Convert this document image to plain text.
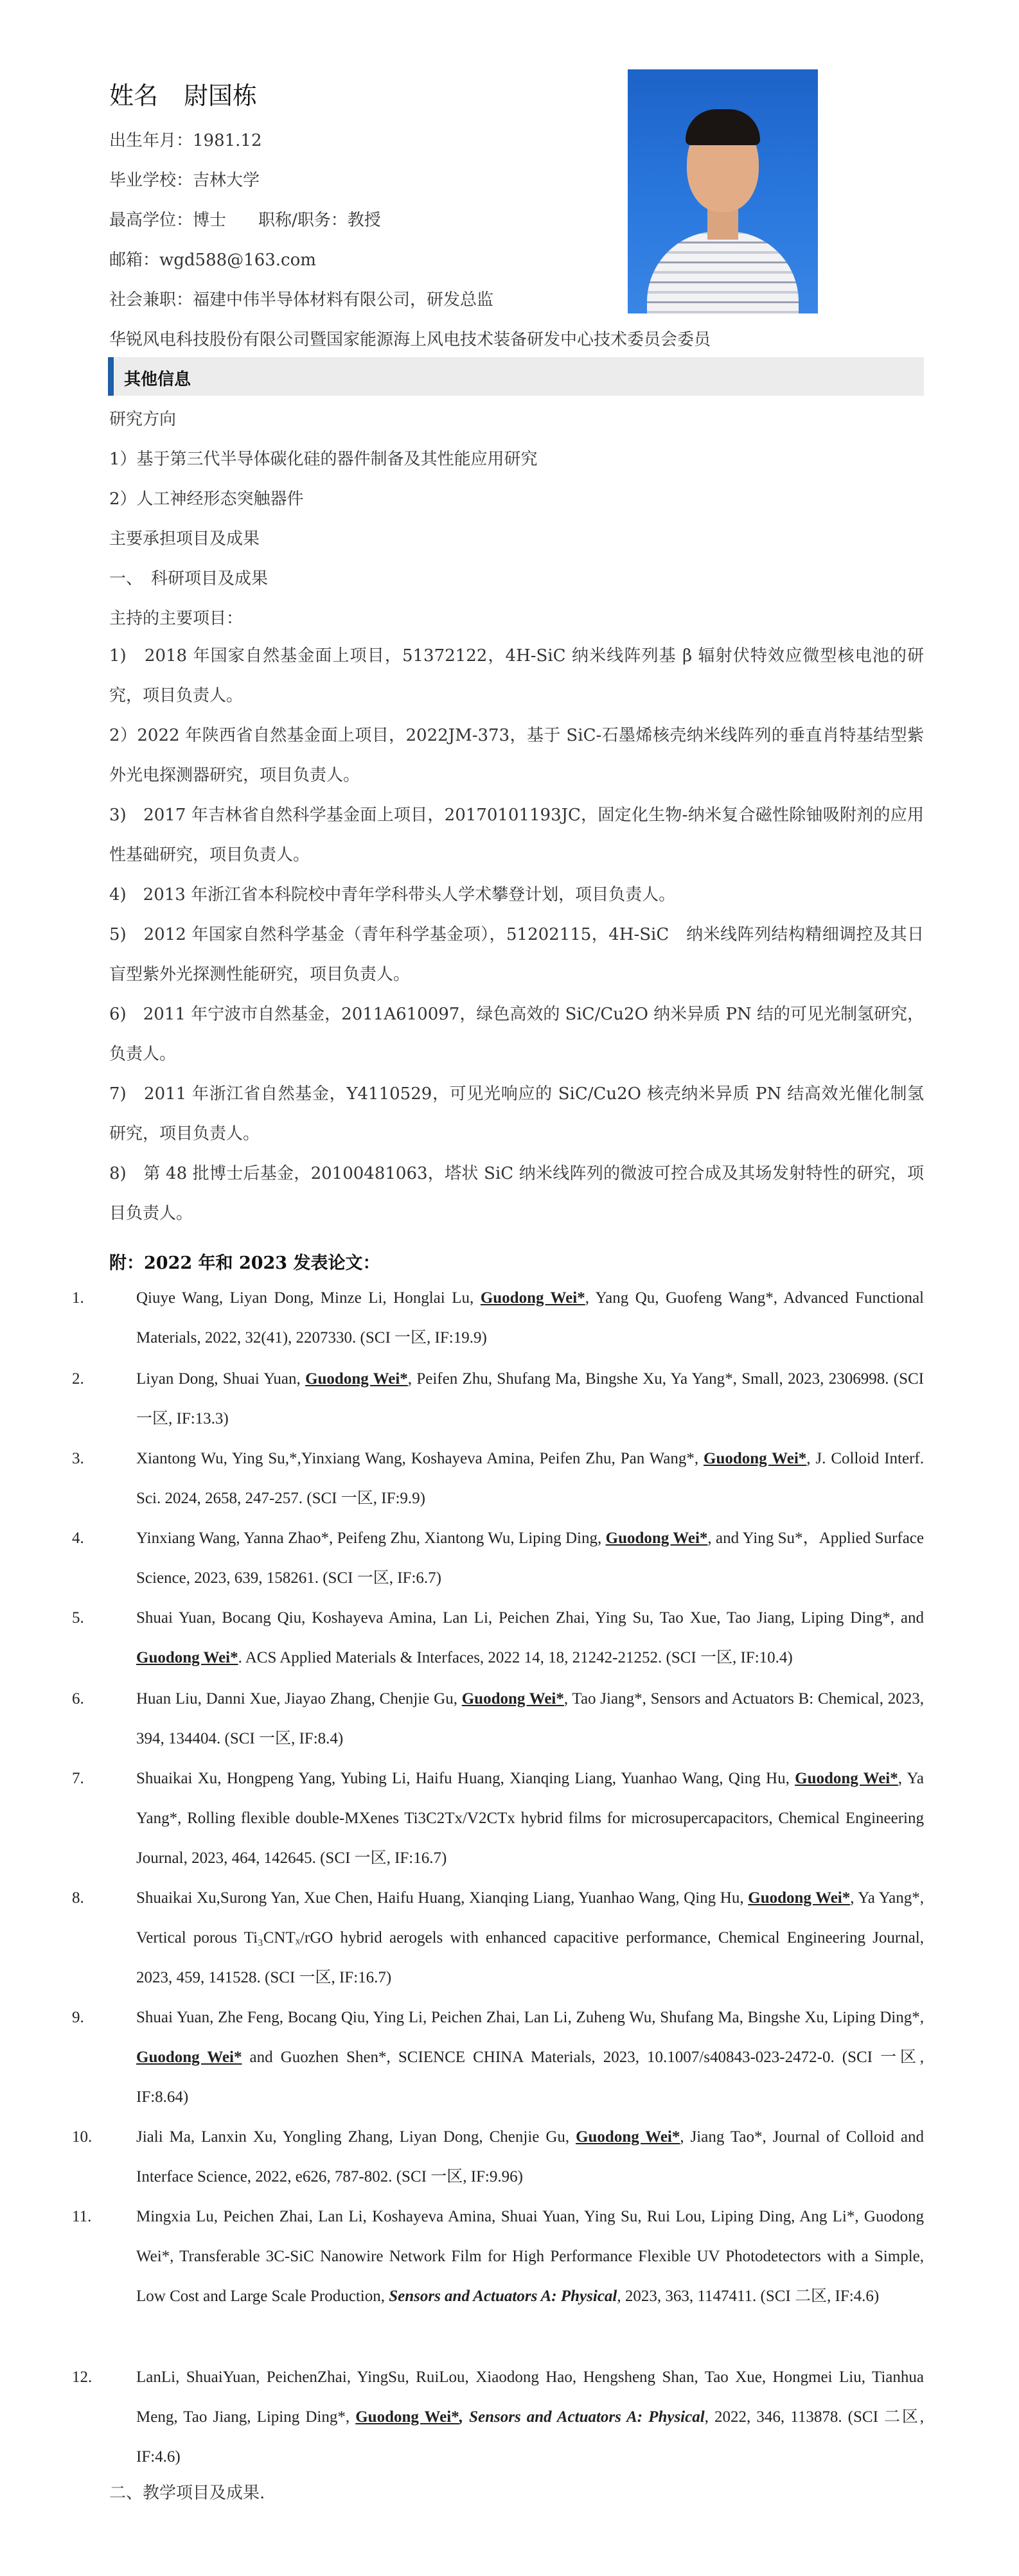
姓名 尉国栋
出生年月：1981.12
毕业学校：吉林大学
最高学位：博士 职称/职务：教授
邮箱：wgd588@163.com
社会兼职：福建中伟半导体材料有限公司，研发总监
华锐风电科技股份有限公司暨国家能源海上风电技术装备研发中心技术委员会委员
其他信息
研究方向
1）基于第三代半导体碳化硅的器件制备及其性能应用研究
2）人工神经形态突触器件
主要承担项目及成果
一、　科研项目及成果
主持的主要项目：
1)　2018 年国家自然基金面上项目，51372122，4H-SiC 纳米线阵列基 β 辐射伏特效应微型核电池的研究，项目负责人。
2）2022 年陕西省自然基金面上项目，2022JM-373，基于 SiC-石墨烯核壳纳米线阵列的垂直肖特基结型紫外光电探测器研究，项目负责人。
3)　2017 年吉林省自然科学基金面上项目，20170101193JC，固定化生物-纳米复合磁性除铀吸附剂的应用性基础研究，项目负责人。
4)　2013 年浙江省本科院校中青年学科带头人学术攀登计划，项目负责人。
5)　2012 年国家自然科学基金（青年科学基金项），51202115，4H-SiC　纳米线阵列结构精细调控及其日盲型紫外光探测性能研究，项目负责人。
6)　2011 年宁波市自然基金，2011A610097，绿色高效的 SiC/Cu2O 纳米异质 PN 结的可见光制氢研究，负责人。
7)　2011 年浙江省自然基金，Y4110529，可见光响应的 SiC/Cu2O 核壳纳米异质 PN 结高效光催化制氢研究，项目负责人。
8)　第 48 批博士后基金，20100481063，塔状 SiC 纳米线阵列的微波可控合成及其场发射特性的研究，项目负责人。
附：2022 年和 2023 发表论文：
1.	Qiuye Wang, Liyan Dong, Minze Li, Honglai Lu, Guodong Wei*, Yang Qu, Guofeng Wang*, Advanced Functional Materials, 2022, 32(41), 2207330. (SCI 一区, IF:19.9)
2.	Liyan Dong, Shuai Yuan, Guodong Wei*, Peifen Zhu, Shufang Ma, Bingshe Xu, Ya Yang*, Small, 2023, 2306998. (SCI 一区, IF:13.3)
3.	Xiantong Wu, Ying Su,*,Yinxiang Wang, Koshayeva Amina, Peifen Zhu, Pan Wang*, Guodong Wei*, J. Colloid Interf. Sci. 2024, 2658, 247-257. (SCI 一区, IF:9.9)
4.	Yinxiang Wang, Yanna Zhao*, Peifeng Zhu, Xiantong Wu, Liping Ding, Guodong Wei*, and Ying Su*，Applied Surface Science, 2023, 639, 158261. (SCI 一区, IF:6.7)
5.	Shuai Yuan, Bocang Qiu, Koshayeva Amina, Lan Li, Peichen Zhai, Ying Su, Tao Xue, Tao Jiang, Liping Ding*, and Guodong Wei*. ACS Applied Materials & Interfaces, 2022 14, 18, 21242-21252. (SCI 一区, IF:10.4)
6.	Huan Liu, Danni Xue, Jiayao Zhang, Chenjie Gu, Guodong Wei*, Tao Jiang*, Sensors and Actuators B: Chemical, 2023, 394, 134404. (SCI 一区, IF:8.4)
7.	Shuaikai Xu, Hongpeng Yang, Yubing Li, Haifu Huang, Xianqing Liang, Yuanhao Wang, Qing Hu, Guodong Wei*, Ya Yang*, Rolling flexible double-MXenes Ti3C2Tx/V2CTx hybrid films for microsupercapacitors, Chemical Engineering Journal, 2023, 464, 142645. (SCI 一区, IF:16.7)
8.	Shuaikai Xu,Surong Yan, Xue Chen, Haifu Huang, Xianqing Liang, Yuanhao Wang, Qing Hu, Guodong Wei*, Ya Yang*, Vertical porous Ti₃CNTₓ/rGO hybrid aerogels with enhanced capacitive performance, Chemical Engineering Journal, 2023, 459, 141528. (SCI 一区, IF:16.7)
9.	Shuai Yuan, Zhe Feng, Bocang Qiu, Ying Li, Peichen Zhai, Lan Li, Zuheng Wu, Shufang Ma, Bingshe Xu, Liping Ding*, Guodong Wei* and Guozhen Shen*, SCIENCE CHINA Materials, 2023, 10.1007/s40843-023-2472-0. (SCI 一区, IF:8.64)
10.	Jiali Ma, Lanxin Xu, Yongling Zhang, Liyan Dong, Chenjie Gu, Guodong Wei*, Jiang Tao*, Journal of Colloid and Interface Science, 2022, e626, 787-802. (SCI 一区, IF:9.96)
11.	Mingxia Lu, Peichen Zhai, Lan Li, Koshayeva Amina, Shuai Yuan, Ying Su, Rui Lou, Liping Ding, Ang Li*, Guodong Wei*, Transferable 3C-SiC Nanowire Network Film for High Performance Flexible UV Photodetectors with a Simple, Low Cost and Large Scale Production, Sensors and Actuators A: Physical, 2023, 363, 1147411. (SCI 二区, IF:4.6)
12.	LanLi, ShuaiYuan, PeichenZhai, YingSu, RuiLou, Xiaodong Hao, Hengsheng Shan, Tao Xue, Hongmei Liu, Tianhua Meng, Tao Jiang, Liping Ding*, Guodong Wei*, Sensors and Actuators A: Physical, 2022, 346, 113878. (SCI 二区, IF:4.6)
二、教学项目及成果.
